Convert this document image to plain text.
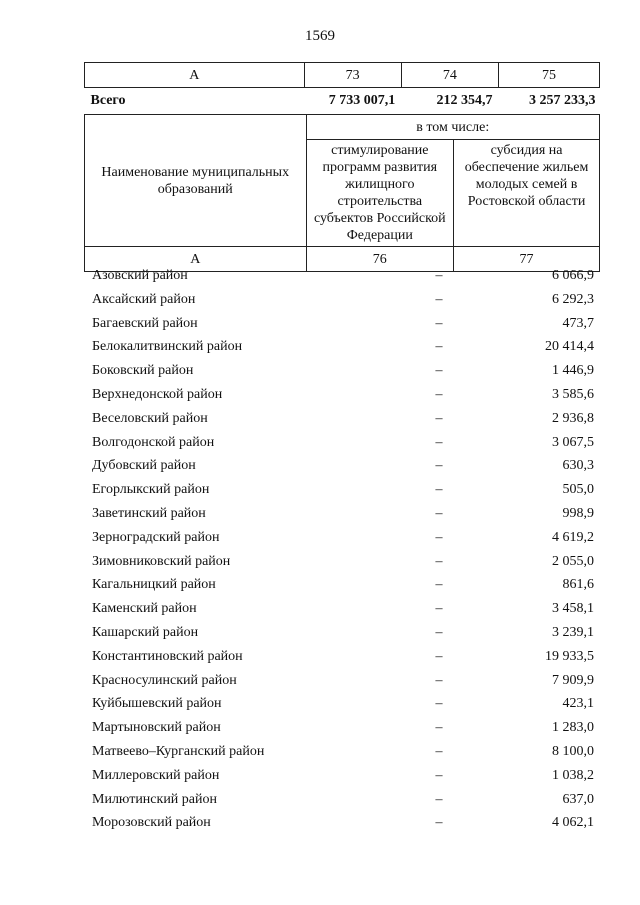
1569
А	73	74	75
Всего	7 733 007,1	212 354,7	3 257 233,3
Наименование муниципальных образований	в том числе:	
	стимулирование программ развития жилищного строительства субъектов Российской Федерации	субсидия на обеспечение жильем молодых семей в Ростовской области
А	76	77
Азовский район	–	6 066,9
Аксайский район	–	6 292,3
Багаевский район	–	473,7
Белокалитвинский район	–	20 414,4
Боковский район	–	1 446,9
Верхнедонской район	–	3 585,6
Веселовский район	–	2 936,8
Волгодонской район	–	3 067,5
Дубовский район	–	630,3
Егорлыкский район	–	505,0
Заветинский район	–	998,9
Зерноградский район	–	4 619,2
Зимовниковский район	–	2 055,0
Кагальницкий район	–	861,6
Каменский район	–	3 458,1
Кашарский район	–	3 239,1
Константиновский район	–	19 933,5
Красносулинский район	–	7 909,9
Куйбышевский район	–	423,1
Мартыновский район	–	1 283,0
Матвеево–Курганский район	–	8 100,0
Миллеровский район	–	1 038,2
Милютинский район	–	637,0
Морозовский район	–	4 062,1
